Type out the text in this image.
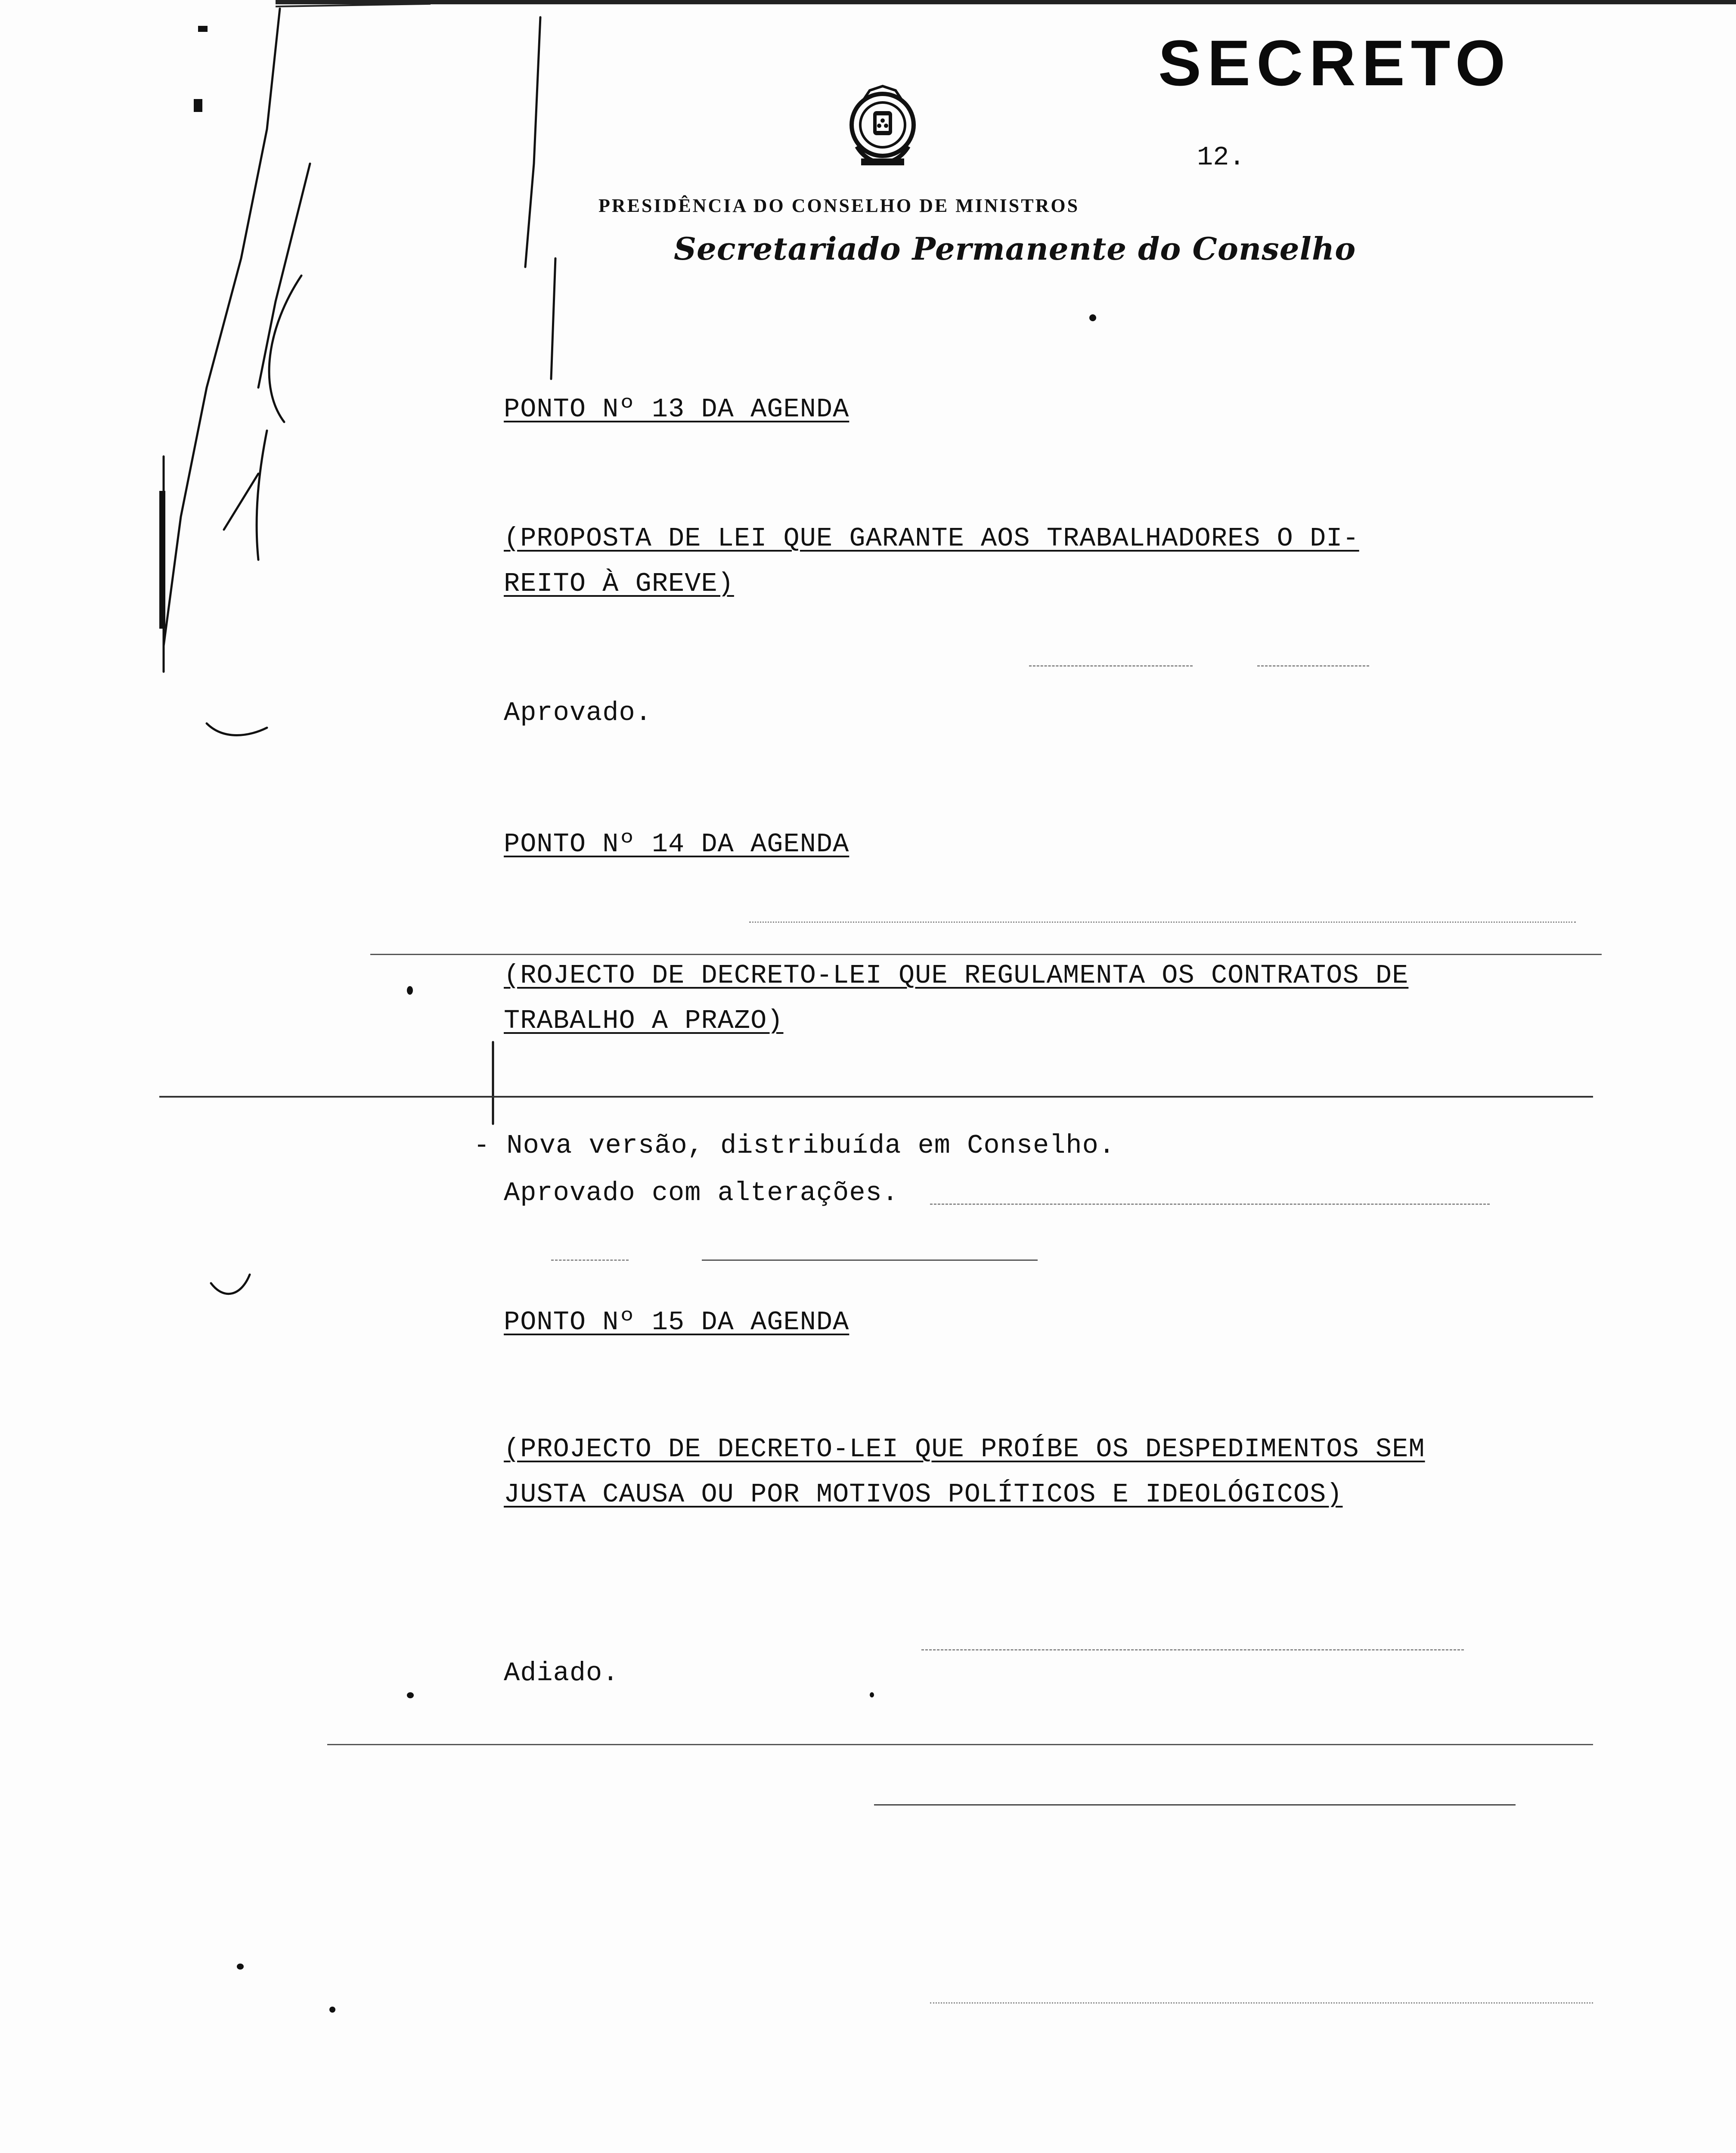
SECRETO
12.
PRESIDÊNCIA DO CONSELHO DE MINISTROS
Secretariado Permanente do Conselho
PONTO Nº 13 DA AGENDA
(PROPOSTA DE LEI QUE GARANTE AOS TRABALHADORES O DI-
REITO À GREVE)
Aprovado.
PONTO Nº 14 DA AGENDA
(ROJECTO DE DECRETO-LEI QUE REGULAMENTA OS CONTRATOS DE
TRABALHO A PRAZO)
- Nova versão, distribuída em Conselho.
Aprovado com alterações.
PONTO Nº 15 DA AGENDA
(PROJECTO DE DECRETO-LEI QUE PROÍBE OS DESPEDIMENTOS SEM
JUSTA CAUSA OU POR MOTIVOS POLÍTICOS E IDEOLÓGICOS)
Adiado.
